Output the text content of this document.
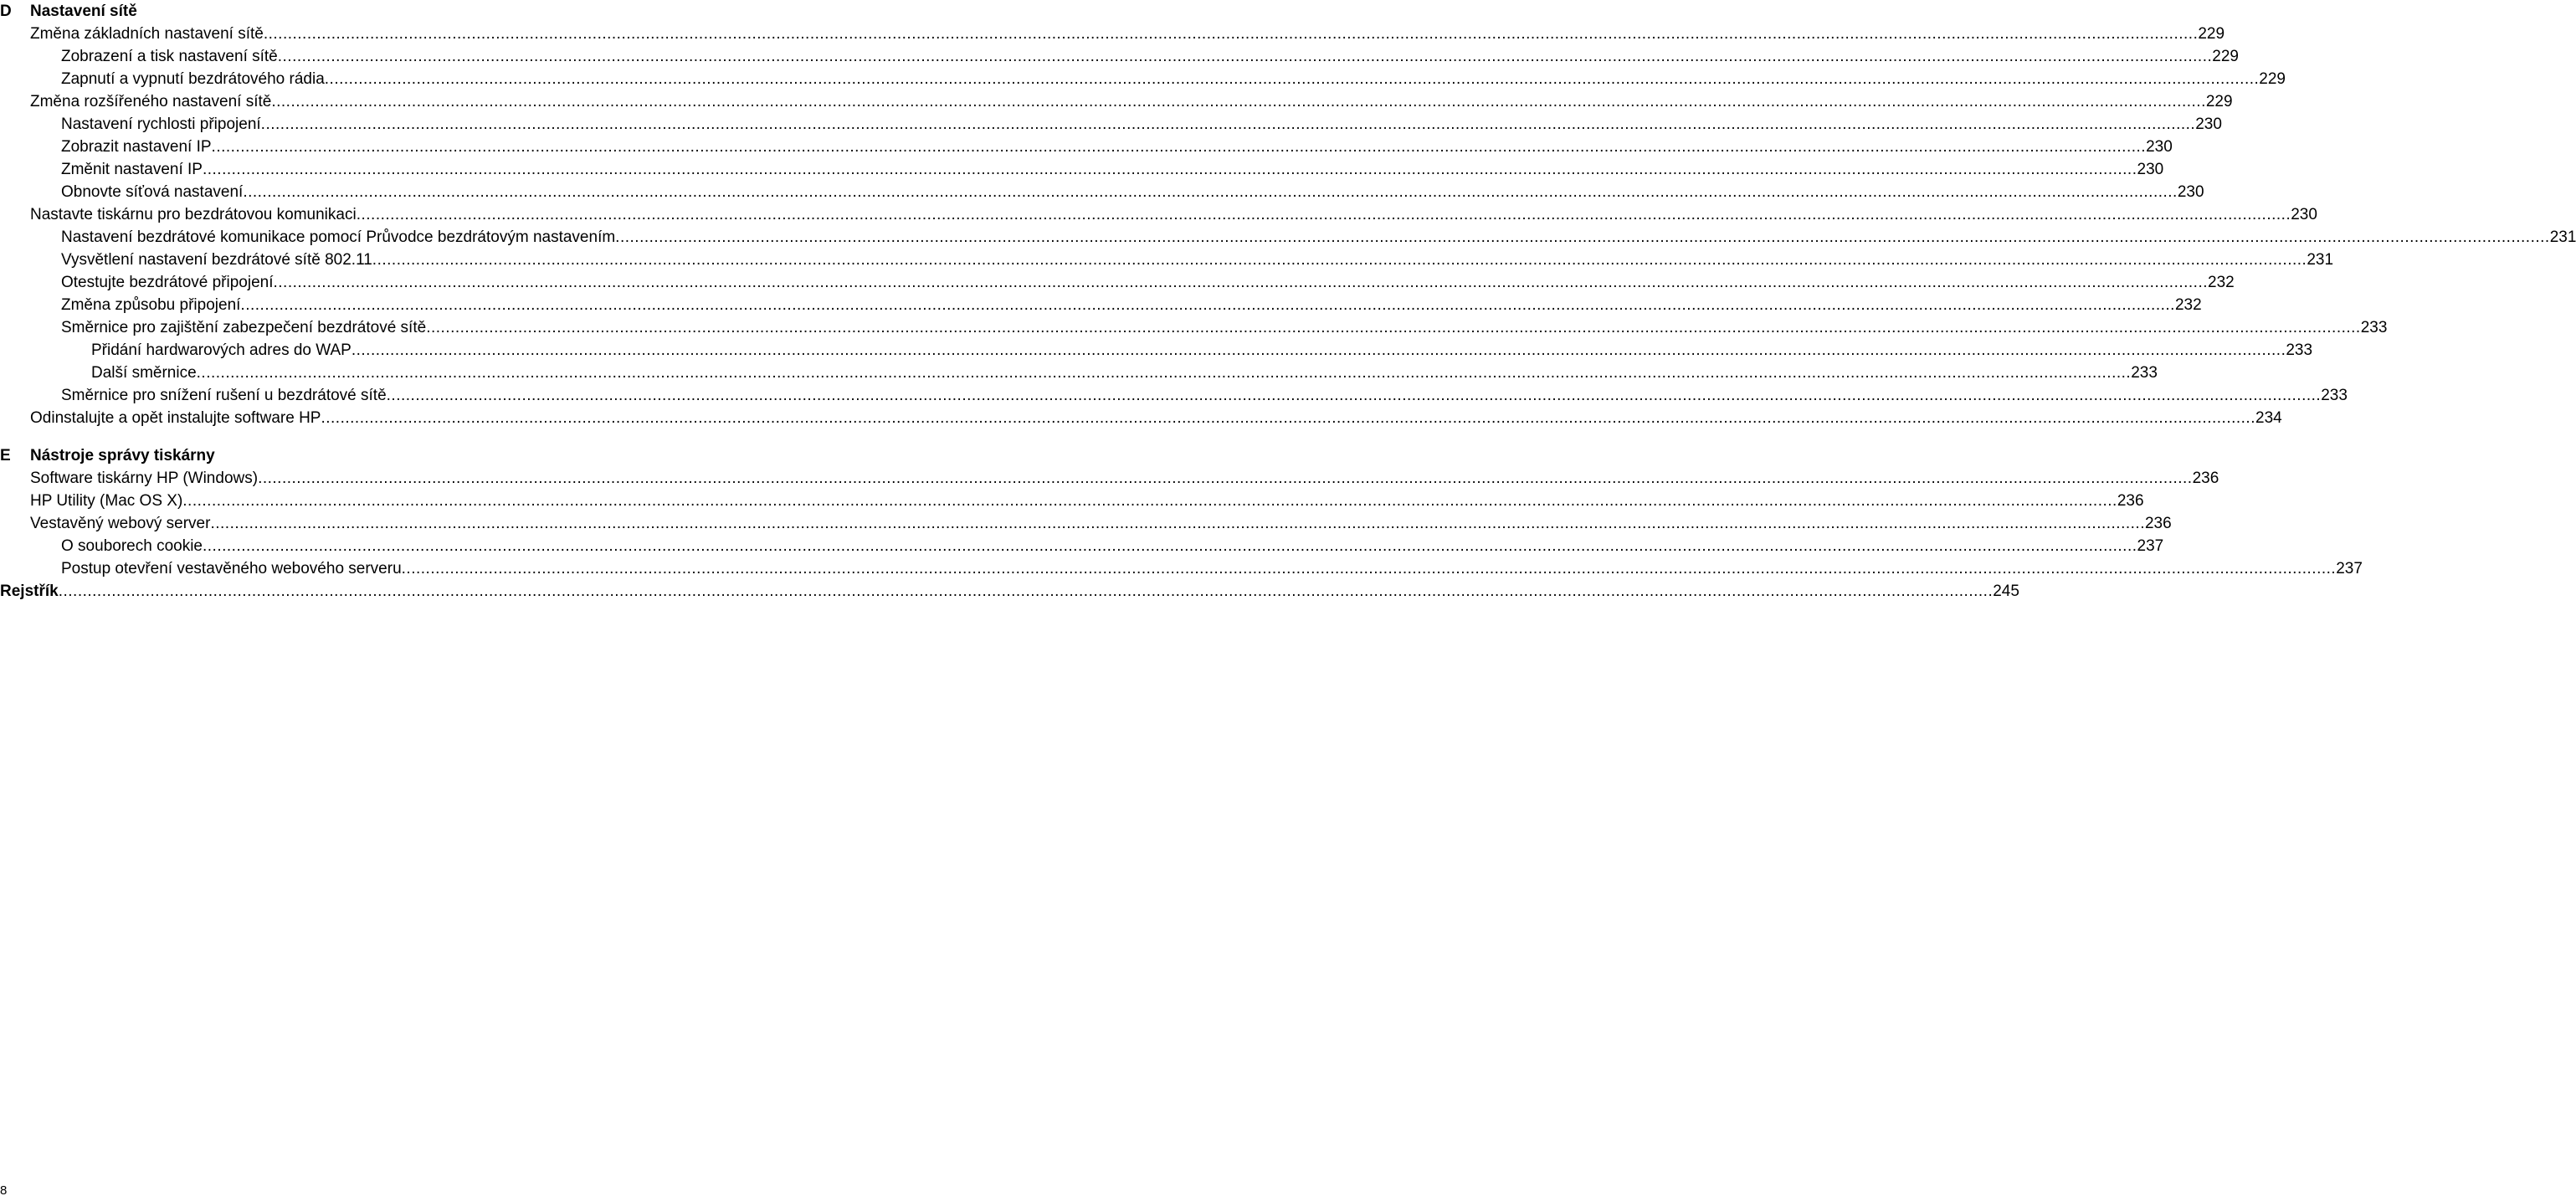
D Nastavení sítě
Změna základních nastavení sítě ................................................................................................................................................................................................................................................................................................................................................................................................................ 229
Zobrazení a tisk nastavení sítě ................................................................................................................................................................................................................................................................................................................................................................................................................ 229
Zapnutí a vypnutí bezdrátového rádia ................................................................................................................................................................................................................................................................................................................................................................................................................ 229
Změna rozšířeného nastavení sítě ................................................................................................................................................................................................................................................................................................................................................................................................................ 229
Nastavení rychlosti připojení ................................................................................................................................................................................................................................................................................................................................................................................................................ 230
Zobrazit nastavení IP ................................................................................................................................................................................................................................................................................................................................................................................................................ 230
Změnit nastavení IP ................................................................................................................................................................................................................................................................................................................................................................................................................ 230
Obnovte síťová nastavení ................................................................................................................................................................................................................................................................................................................................................................................................................ 230
Nastavte tiskárnu pro bezdrátovou komunikaci ................................................................................................................................................................................................................................................................................................................................................................................................................ 230
Nastavení bezdrátové komunikace pomocí Průvodce bezdrátovým nastavením ................................................................................................................................................................................................................................................................................................................................................................................................................ 231
Vysvětlení nastavení bezdrátové sítě 802.11 ................................................................................................................................................................................................................................................................................................................................................................................................................ 231
Otestujte bezdrátové připojení ................................................................................................................................................................................................................................................................................................................................................................................................................ 232
Změna způsobu připojení ................................................................................................................................................................................................................................................................................................................................................................................................................ 232
Směrnice pro zajištění zabezpečení bezdrátové sítě ................................................................................................................................................................................................................................................................................................................................................................................................................ 233
Přidání hardwarových adres do WAP ................................................................................................................................................................................................................................................................................................................................................................................................................ 233
Další směrnice ................................................................................................................................................................................................................................................................................................................................................................................................................ 233
Směrnice pro snížení rušení u bezdrátové sítě ................................................................................................................................................................................................................................................................................................................................................................................................................ 233
Odinstalujte a opět instalujte software HP ................................................................................................................................................................................................................................................................................................................................................................................................................ 234
E Nástroje správy tiskárny
Software tiskárny HP (Windows) ................................................................................................................................................................................................................................................................................................................................................................................................................ 236
HP Utility (Mac OS X) ................................................................................................................................................................................................................................................................................................................................................................................................................ 236
Vestavěný webový server ................................................................................................................................................................................................................................................................................................................................................................................................................ 236
O souborech cookie ................................................................................................................................................................................................................................................................................................................................................................................................................ 237
Postup otevření vestavěného webového serveru ................................................................................................................................................................................................................................................................................................................................................................................................................ 237
Rejstřík ................................................................................................................................................................................................................................................................................................................................................................................................................ 245
8
